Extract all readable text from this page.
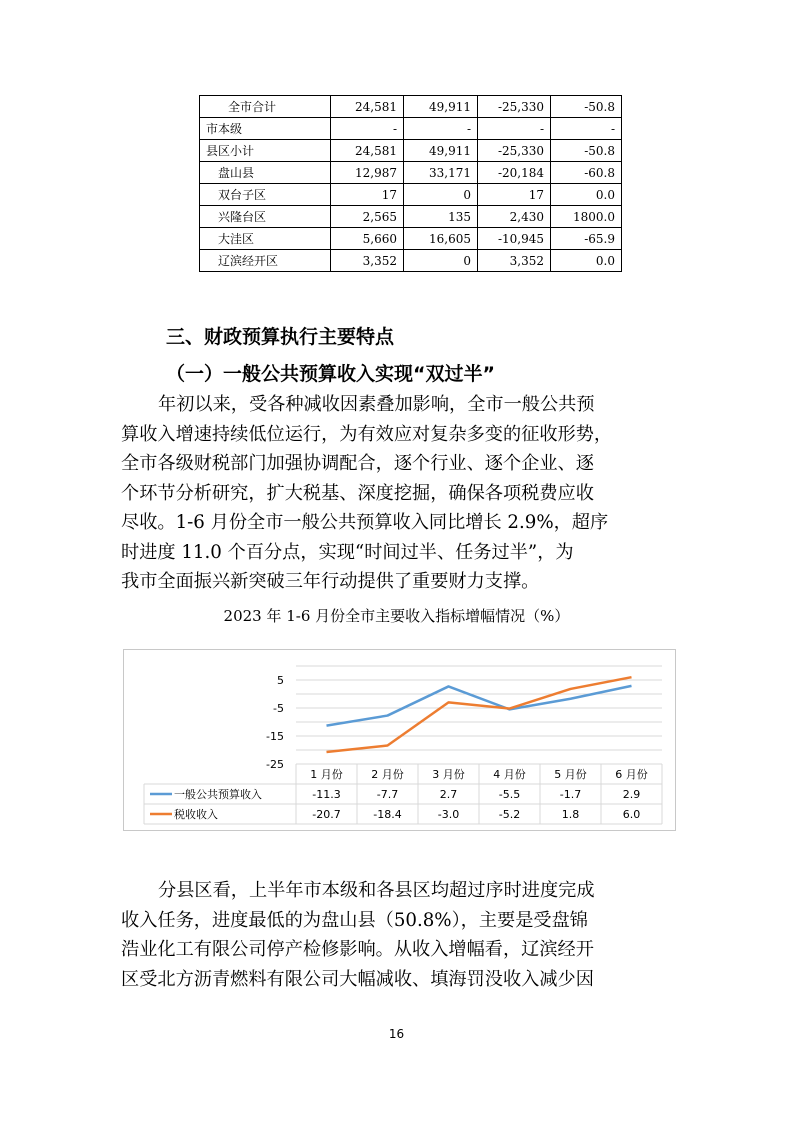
全市合计	24,581	49,911	-25,330	-50.8
市本级	-	-	-	-
县区小计	24,581	49,911	-25,330	-50.8
盘山县	12,987	33,171	-20,184	-60.8
双台子区	17	0	17	0.0
兴隆台区	2,565	135	2,430	1800.0
大洼区	5,660	16,605	-10,945	-65.9
辽滨经开区	3,352	0	3,352	0.0
三、财政预算执行主要特点
（一）一般公共预算收入实现“双过半”
年初以来，受各种减收因素叠加影响，全市一般公共预
算收入增速持续低位运行，为有效应对复杂多变的征收形势，
全市各级财税部门加强协调配合，逐个行业、逐个企业、逐
个环节分析研究，扩大税基、深度挖掘，确保各项税费应收
尽收。1-6 月份全市一般公共预算收入同比增长 2.9%，超序
时进度 11.0 个百分点，实现“时间过半、任务过半”，为
我市全面振兴新突破三年行动提供了重要财力支撑。
2023 年 1-6 月份全市主要收入指标增幅情况（%）
5
-5
-15
-25
1 月份	2 月份	3 月份	4 月份	5 月份	6 月份
一般公共预算收入	-11.3	-7.7	2.7	-5.5	-1.7	2.9
税收收入	-20.7	-18.4	-3.0	-5.2	1.8	6.0
分县区看，上半年市本级和各县区均超过序时进度完成
收入任务，进度最低的为盘山县（50.8%），主要是受盘锦
浩业化工有限公司停产检修影响。从收入增幅看，辽滨经开
区受北方沥青燃料有限公司大幅减收、填海罚没收入减少因
16
